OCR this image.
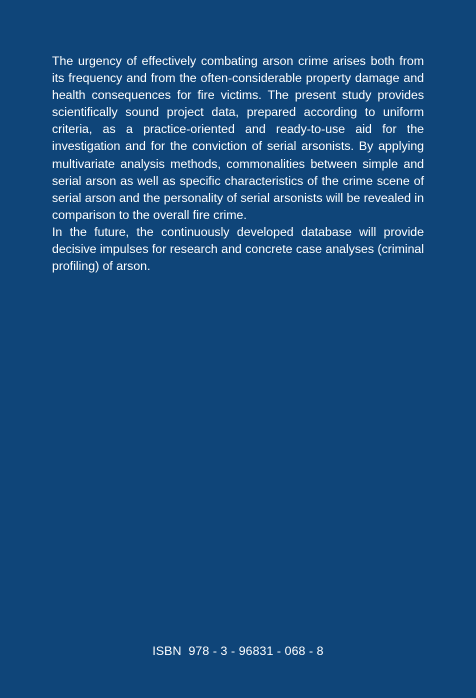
The urgency of effectively combating arson crime arises both from its frequency and from the often-considerable property damage and health consequences for fire victims. The present study provides scientifically sound project data, prepared according to uniform criteria, as a practice-oriented and ready-to-use aid for the investigation and for the conviction of serial arsonists. By applying multivariate analysis methods, commonalities between simple and serial arson as well as specific characteristics of the crime scene of serial arson and the personality of serial arsonists will be revealed in comparison to the overall fire crime.

In the future, the continuously developed database will provide decisive impulses for research and concrete case analyses (criminal profiling) of arson.

ISBN  978 - 3 - 96831 - 068 - 8
